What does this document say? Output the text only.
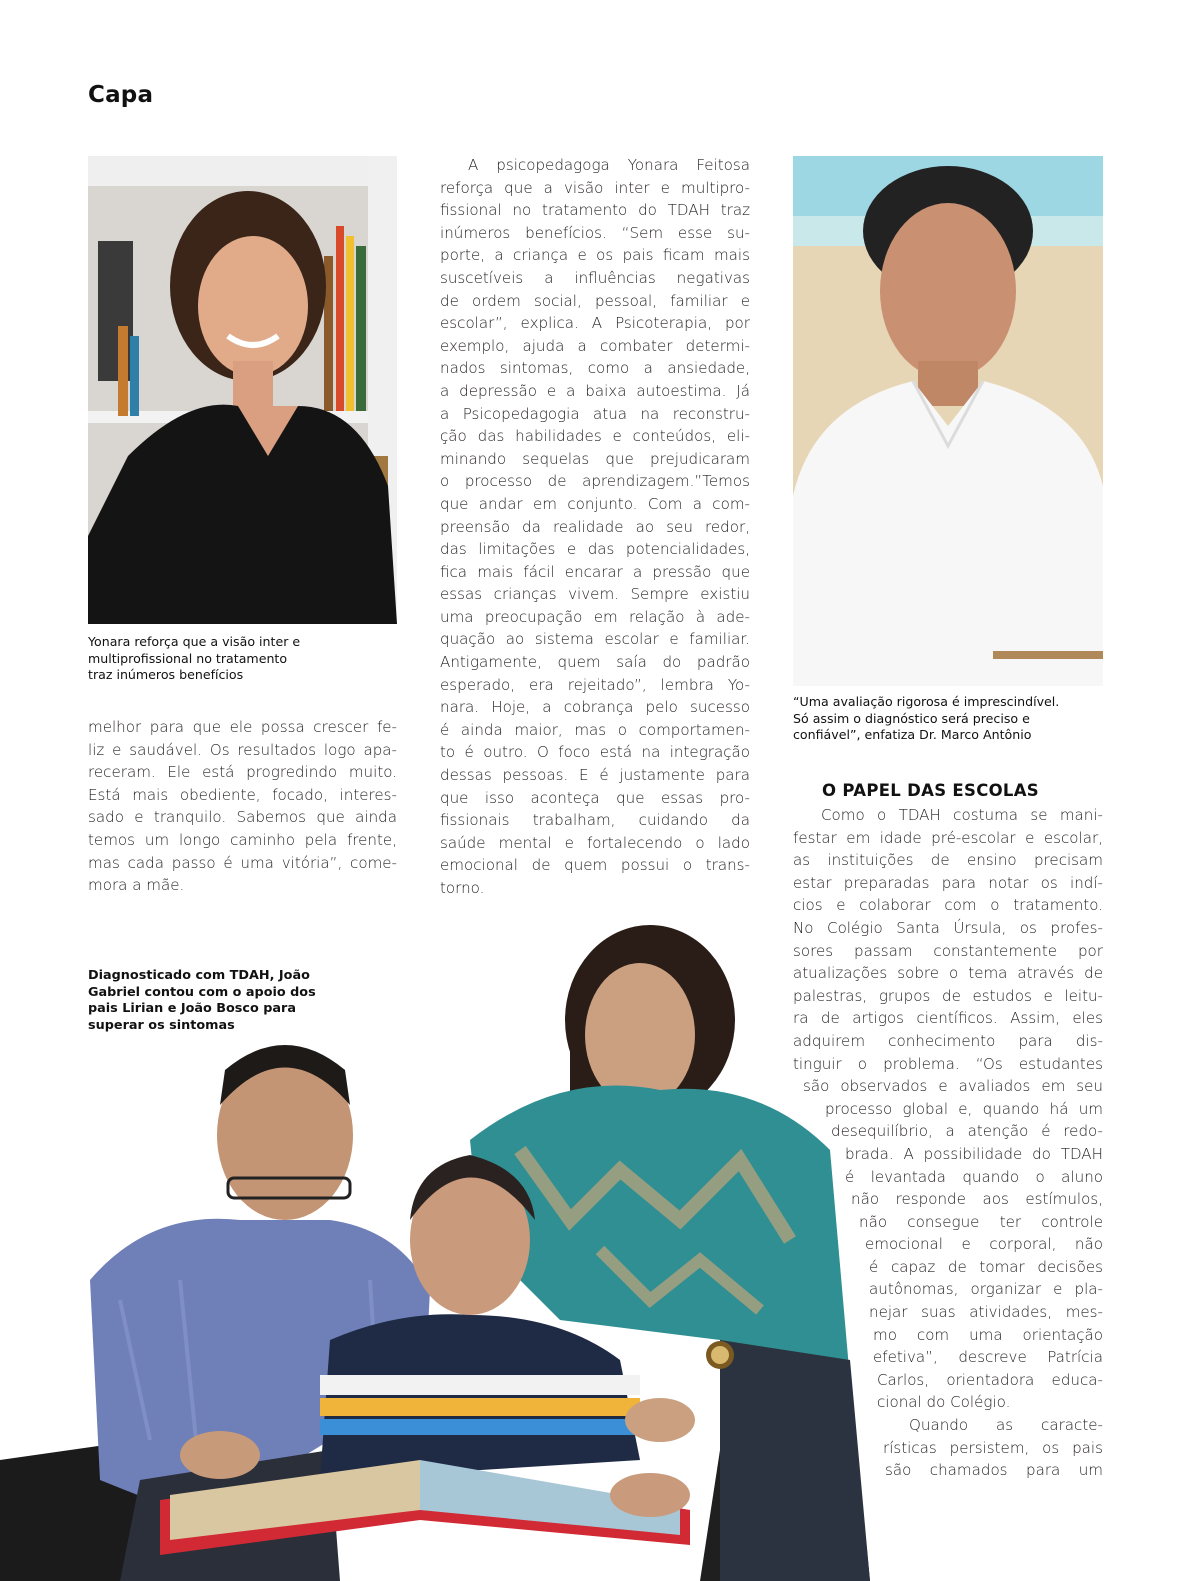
Capa
Yonara reforça que a visão inter e
multiprofissional no tratamento
traz inúmeros benefícios
“Uma avaliação rigorosa é imprescindível.
Só assim o diagnóstico será preciso e
confiável”, enfatiza Dr. Marco Antônio
melhor para que ele possa crescer fe-
liz e saudável. Os resultados logo apa-
receram. Ele está progredindo muito.
Está mais obediente, focado, interes-
sado e tranquilo. Sabemos que ainda
temos um longo caminho pela frente,
mas cada passo é uma vitória”, come-
mora a mãe.
A psicopedagoga Yonara Feitosa
reforça que a visão inter e multipro-
fissional no tratamento do TDAH traz
inúmeros benefícios. “Sem esse su-
porte, a criança e os pais ficam mais
suscetíveis a influências negativas
de ordem social, pessoal, familiar e
escolar”, explica. A Psicoterapia, por
exemplo, ajuda a combater determi-
nados sintomas, como a ansiedade,
a depressão e a baixa autoestima. Já
a Psicopedagogia atua na reconstru-
ção das habilidades e conteúdos, eli-
minando sequelas que prejudicaram
o processo de aprendizagem.”Temos
que andar em conjunto. Com a com-
preensão da realidade ao seu redor,
das limitações e das potencialidades,
fica mais fácil encarar a pressão que
essas crianças vivem. Sempre existiu
uma preocupação em relação à ade-
quação ao sistema escolar e familiar.
Antigamente, quem saía do padrão
esperado, era rejeitado”, lembra Yo-
nara. Hoje, a cobrança pelo sucesso
é ainda maior, mas o comportamen-
to é outro. O foco está na integração
dessas pessoas. E é justamente para
que isso aconteça que essas pro-
fissionais trabalham, cuidando da
saúde mental e fortalecendo o lado
emocional de quem possui o trans-
torno.
O PAPEL DAS ESCOLAS
Como o TDAH costuma se mani-
festar em idade pré-escolar e escolar,
as instituições de ensino precisam
estar preparadas para notar os indí-
cios e colaborar com o tratamento.
No Colégio Santa Úrsula, os profes-
sores passam constantemente por
atualizações sobre o tema através de
palestras, grupos de estudos e leitu-
ra de artigos científicos. Assim, eles
adquirem conhecimento para dis-
tinguir o problema. “Os estudantes
são observados e avaliados em seu
processo global e, quando há um
desequilíbrio, a atenção é redo-
brada. A possibilidade do TDAH
é levantada quando o aluno
não responde aos estímulos,
não consegue ter controle
emocional e corporal, não
é capaz de tomar decisões
autônomas, organizar e pla-
nejar suas atividades, mes-
mo com uma orientação
efetiva”, descreve Patrícia
Carlos, orientadora educa-
cional do Colégio.
Quando as caracte-
rísticas persistem, os pais
são chamados para um
Diagnosticado com TDAH, João
Gabriel contou com o apoio dos
pais Lirian e João Bosco para
superar os sintomas
